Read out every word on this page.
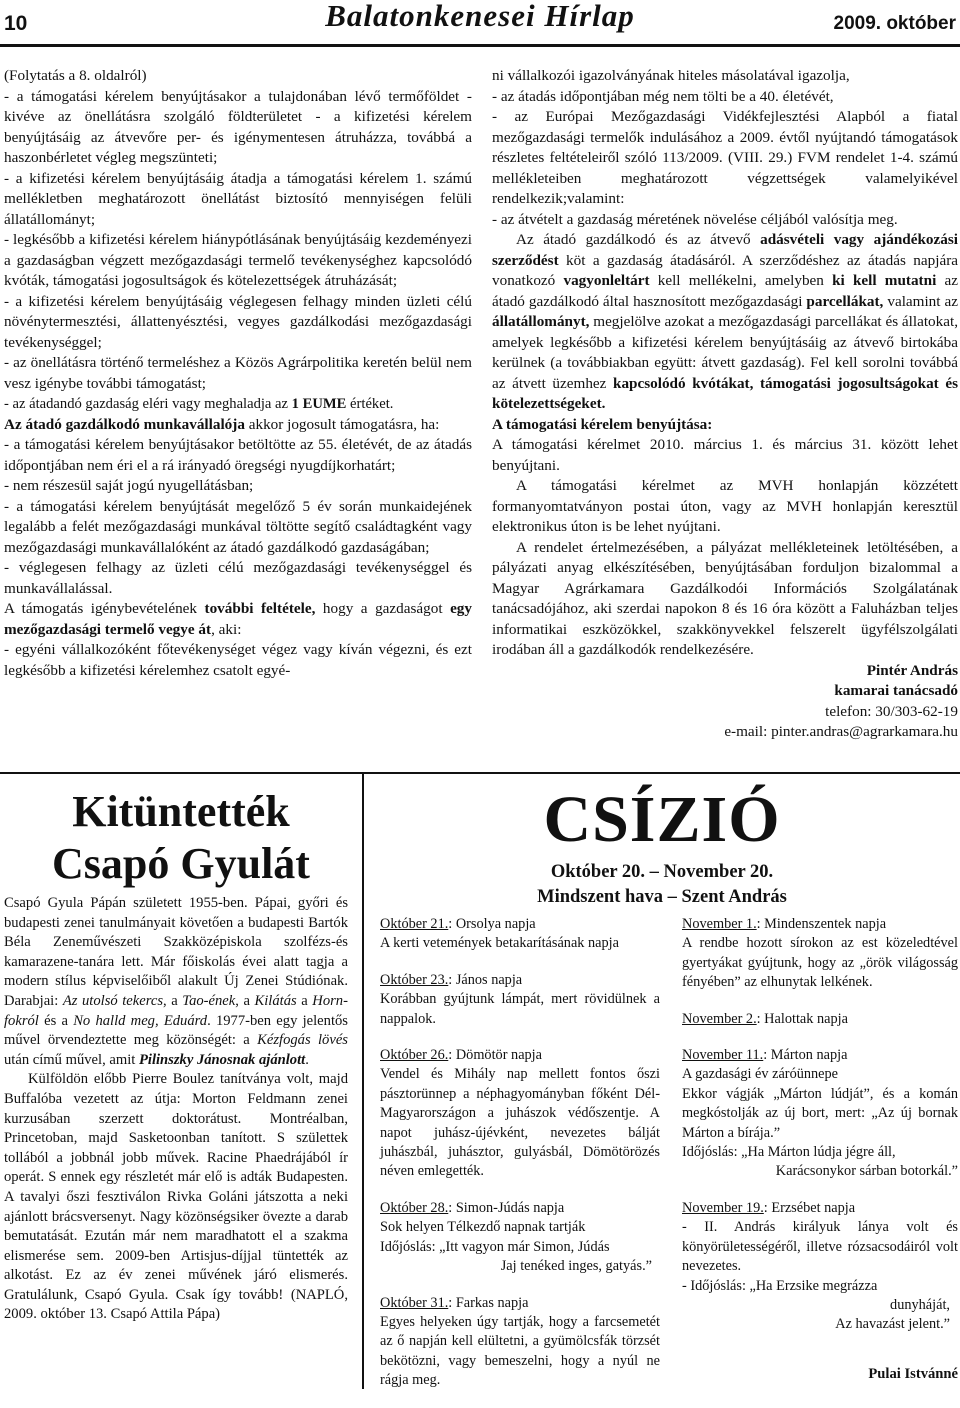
10	Balatonkenesei Hírlap	2009. október

(Folytatás a 8. oldalról)

- a támogatási kérelem benyújtásakor a tulajdonában lévő termőföldet - kivéve az önellátásra szolgáló földterületet - a kifizetési kérelem benyújtásáig az átvevőre per- és igénymentesen átruházza, továbbá a haszonbérletet végleg megszünteti;

- a kifizetési kérelem benyújtásáig átadja a támogatási kérelem 1. számú mellékletben meghatározott önellátást biztosító mennyiségen felüli állatállományt;

- legkésőbb a kifizetési kérelem hiánypótlásának benyújtásáig kezdeményezi a gazdaságban végzett mezőgazdasági termelő tevékenységhez kapcsolódó kvóták, támogatási jogosultságok és kötelezettségek átruházását;

- a kifizetési kérelem benyújtásáig véglegesen felhagy minden üzleti célú növénytermesztési, állattenyésztési, vegyes gazdálkodási mezőgazdasági tevékenységgel;

- az önellátásra történő termeléshez a Közös Agrárpolitika keretén belül nem vesz igénybe további támogatást;

- az átadandó gazdaság eléri vagy meghaladja az 1 EUME értéket.

Az átadó gazdálkodó munkavállalója akkor jogosult támogatásra, ha:

- a támogatási kérelem benyújtásakor betöltötte az 55. életévét, de az átadás időpontjában nem éri el a rá irányadó öregségi nyugdíjkorhatárt;

- nem részesül saját jogú nyugellátásban;

- a támogatási kérelem benyújtását megelőző 5 év során munkaidejének legalább a felét mezőgazdasági munkával töltötte segítő családtagként vagy mezőgazdasági munkavállalóként az átadó gazdálkodó gazdaságában;

- véglegesen felhagy az üzleti célú mezőgazdasági tevékenységgel és munkavállalással.

A támogatás igénybevételének további feltétele, hogy a gazdaságot egy mezőgazdasági termelő vegye át, aki:

- egyéni vállalkozóként főtevékenységet végez vagy kíván végezni, és ezt legkésőbb a kifizetési kérelemhez csatolt egyé-

ni vállalkozói igazolványának hiteles másolatával igazolja,

- az átadás időpontjában még nem tölti be a 40. életévét,

- az Európai Mezőgazdasági Vidékfejlesztési Alapból a fiatal mezőgazdasági termelők indulásához a 2009. évtől nyújtandó támogatások részletes feltételeiről szóló 113/2009. (VIII. 29.) FVM rendelet 1-4. számú mellékleteiben meghatározott végzettségek valamelyikével rendelkezik;valamint:

- az átvételt a gazdaság méretének növelése céljából valósítja meg.

Az átadó gazdálkodó és az átvevő adásvételi vagy ajándékozási szerződést köt a gazdaság átadásáról. A szerződéshez az átadás napjára vonatkozó vagyonleltárt kell mellékelni, amelyben ki kell mutatni az átadó gazdálkodó által hasznosított mezőgazdasági parcellákat, valamint az állatállományt, megjelölve azokat a mezőgazdasági parcellákat és állatokat, amelyek legkésőbb a kifizetési kérelem benyújtásáig az átvevő birtokába kerülnek (a továbbiakban együtt: átvett gazdaság). Fel kell sorolni továbbá az átvett üzemhez kapcsolódó kvótákat, támogatási jogosultságokat és kötelezettségeket.

A támogatási kérelem benyújtása:

A támogatási kérelmet 2010. március 1. és március 31. között lehet benyújtani.

A támogatási kérelmet az MVH honlapján közzétett formanyomtatványon postai úton, vagy az MVH honlapján keresztül elektronikus úton is be lehet nyújtani.

A rendelet értelmezésében, a pályázat mellékleteinek letöltésében, a pályázati anyag elkészítésében, benyújtásában forduljon bizalommal a Magyar Agrárkamara Gazdálkodói Információs Szolgálatának tanácsadójához, aki szerdai napokon 8 és 16 óra között a Faluházban teljes informatikai eszközökkel, szakkönyvekkel felszerelt ügyfélszolgálati irodában áll a gazdálkodók rendelkezésére.

Pintér András

kamarai tanácsadó

telefon: 30/303-62-19

e-mail: pinter.andras@agrarkamara.hu

Kitüntették
Csapó Gyulát

Csapó Gyula Pápán született 1955-ben. Pápai, győri és budapesti zenei tanulmányait követően a budapesti Bartók Béla Zeneművészeti Szakközépiskola szolfézs-és kamarazene-tanára lett. Már főiskolás évei alatt tagja a modern stílus képviselőiből alakult Új Zenei Stúdiónak. Darabjai: Az utolsó tekercs, a Tao-ének, a Kilátás a Horn-fokról és a No halld meg, Eduárd. 1977-ben egy jelentős művel örvendeztette meg közönségét: a Kézfogás lövés után című művel, amit Pilinszky Jánosnak ajánlott.

Külföldön előbb Pierre Boulez tanítványa volt, majd Buffalóba vezetett az útja: Morton Feldmann zenei kurzusában szerzett doktorátust. Montréalban, Princetoban, majd Sasketoonban tanított. S születtek tollából a jobbnál jobb művek. Racine Phaedrájából ír operát. S ennek egy részletét már elő is adták Budapesten. A tavalyi őszi fesztiválon Rivka Goláni játszotta a neki ajánlott brácsversenyt. Nagy közönségsiker övezte a darab bemutatását. Ezután már nem maradhatott el a szakma elismerése sem. 2009-ben Artisjus-díjjal tüntették az alkotást. Ez az év zenei művének járó elismerés. Gratulálunk, Csapó Gyula. Csak így tovább! (NAPLÓ, 2009. október 13. Csapó Attila Pápa)

CSÍZIÓ
Október 20. – November 20.
Mindszent hava – Szent András

Október 21.: Orsolya napja

A kerti vetemények betakarításának napja

Október 23.: János napja

Korábban gyújtunk lámpát, mert rövidülnek a nappalok.

Október 26.: Dömötör napja

Vendel és Mihály nap mellett fontos őszi pásztorünnep a néphagyományban főként Dél-Magyarországon a juhászok védőszentje. A napot juhász-újévként, nevezetes bálját juhászbál, juhásztor, gulyásbál, Dömötörözés néven emlegették.

Október 28.: Simon-Júdás napja

Sok helyen Télkezdő napnak tartják

Időjóslás: „Itt vagyon már Simon, Júdás

Jaj tenéked inges, gatyás.”

Október 31.: Farkas napja

Egyes helyeken úgy tartják, hogy a farcsemetét az ő napján kell elültetni, a gyümölcsfák törzsét bekötözni, vagy bemeszelni, hogy a nyúl ne rágja meg.

November 1.: Mindenszentek napja

A rendbe hozott sírokon az est közeledtével gyertyákat gyújtunk, hogy az „örök világosság fényében” az elhunytak lelkének.

November 2.: Halottak napja

November 11.: Márton napja

A gazdasági év záróünnepe

Ekkor vágják „Márton lúdját”, és a komán megkóstolják az új bort, mert: „Az új bornak Márton a bírája.”

Időjóslás: „Ha Márton lúdja jégre áll,

Karácsonykor sárban botorkál.”

November 19.: Erzsébet napja

- II. András királyuk lánya volt és könyörületességéről, illetve rózsacsodáiról volt nevezetes.

- Időjóslás: „Ha Erzsike megrázza

dunyháját,

Az havazást jelent.”

Pulai Istvánné
